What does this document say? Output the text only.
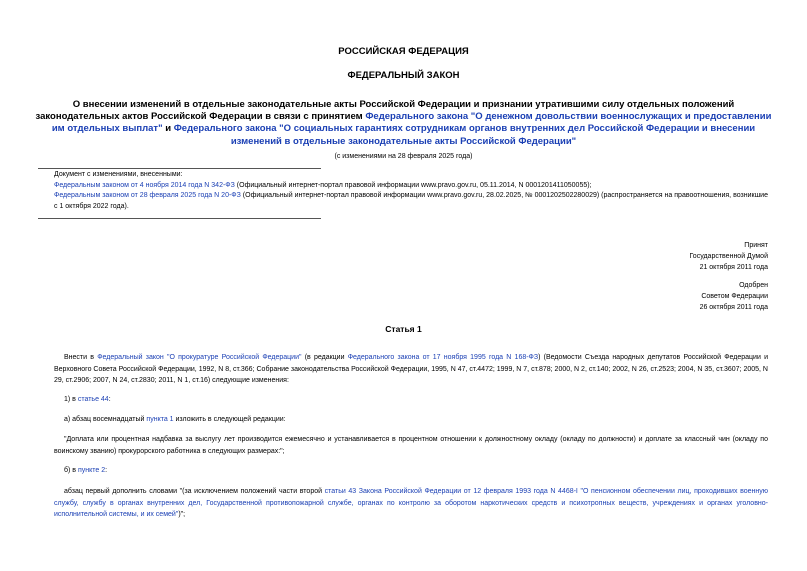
РОССИЙСКАЯ ФЕДЕРАЦИЯ
ФЕДЕРАЛЬНЫЙ ЗАКОН
О внесении изменений в отдельные законодательные акты Российской Федерации и признании утратившими силу отдельных положений законодательных актов Российской Федерации в связи с принятием Федерального закона "О денежном довольствии военнослужащих и предоставлении им отдельных выплат" и Федерального закона "О социальных гарантиях сотрудникам органов внутренних дел Российской Федерации и внесении изменений в отдельные законодательные акты Российской Федерации"
(с изменениями на 28 февраля 2025 года)
Документ с изменениями, внесенными:
Федеральным законом от 4 ноября 2014 года N 342-ФЗ (Официальный интернет-портал правовой информации www.pravo.gov.ru, 05.11.2014, N 0001201411050055);
Федеральным законом от 28 февраля 2025 года N 20-ФЗ (Официальный интернет-портал правовой информации www.pravo.gov.ru, 28.02.2025, № 0001202502280029) (распространяется на правоотношения, возникшие с 1 октября 2022 года).
Принят
Государственной Думой
21 октября 2011 года
Одобрен
Советом Федерации
26 октября 2011 года
Статья 1
Внести в Федеральный закон "О прокуратуре Российской Федерации" (в редакции Федерального закона от 17 ноября 1995 года N 168-ФЗ) (Ведомости Съезда народных депутатов Российской Федерации и Верховного Совета Российской Федерации, 1992, N 8, ст.366; Собрание законодательства Российской Федерации, 1995, N 47, ст.4472; 1999, N 7, ст.878; 2000, N 2, ст.140; 2002, N 26, ст.2523; 2004, N 35, ст.3607; 2005, N 29, ст.2906; 2007, N 24, ст.2830; 2011, N 1, ст.16) следующие изменения:
1) в статье 44:
а) абзац восемнадцатый пункта 1 изложить в следующей редакции:
"Доплата или процентная надбавка за выслугу лет производится ежемесячно и устанавливается в процентном отношении к должностному окладу (окладу по должности) и доплате за классный чин (окладу по воинскому званию) прокурорского работника в следующих размерах:";
б) в пункте 2:
абзац первый дополнить словами "(за исключением положений части второй статьи 43 Закона Российской Федерации от 12 февраля 1993 года N 4468-I "О пенсионном обеспечении лиц, проходивших военную службу, службу в органах внутренних дел, Государственной противопожарной службе, органах по контролю за оборотом наркотических средств и психотропных веществ, учреждениях и органах уголовно-исполнительной системы, и их семей")";
